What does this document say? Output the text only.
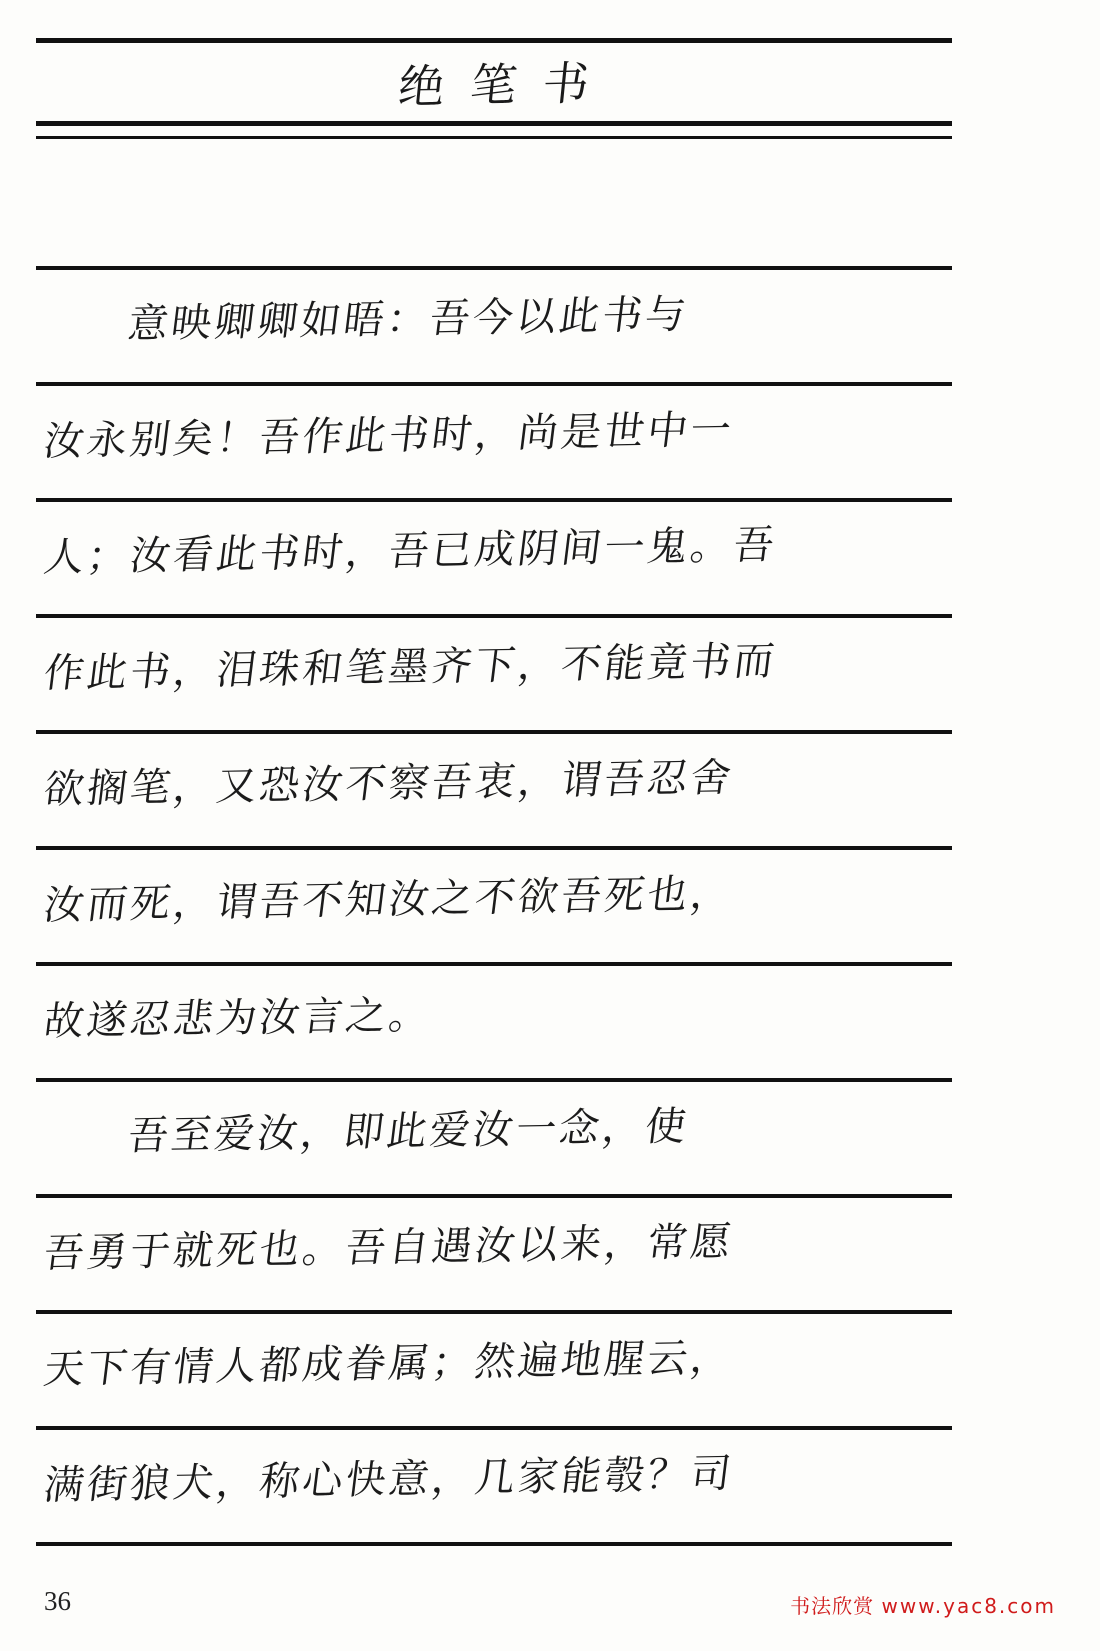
绝笔书
意映卿卿如晤：吾今以此书与
汝永别矣！吾作此书时，尚是世中一
人；汝看此书时，吾已成阴间一鬼。吾
作此书，泪珠和笔墨齐下，不能竟书而
欲搁笔，又恐汝不察吾衷，谓吾忍舍
汝而死，谓吾不知汝之不欲吾死也，
故遂忍悲为汝言之。
吾至爱汝，即此爱汝一念，使
吾勇于就死也。吾自遇汝以来，常愿
天下有情人都成眷属；然遍地腥云，
满街狼犬，称心快意，几家能彀？司
36	书法欣赏 www.yac8.com
